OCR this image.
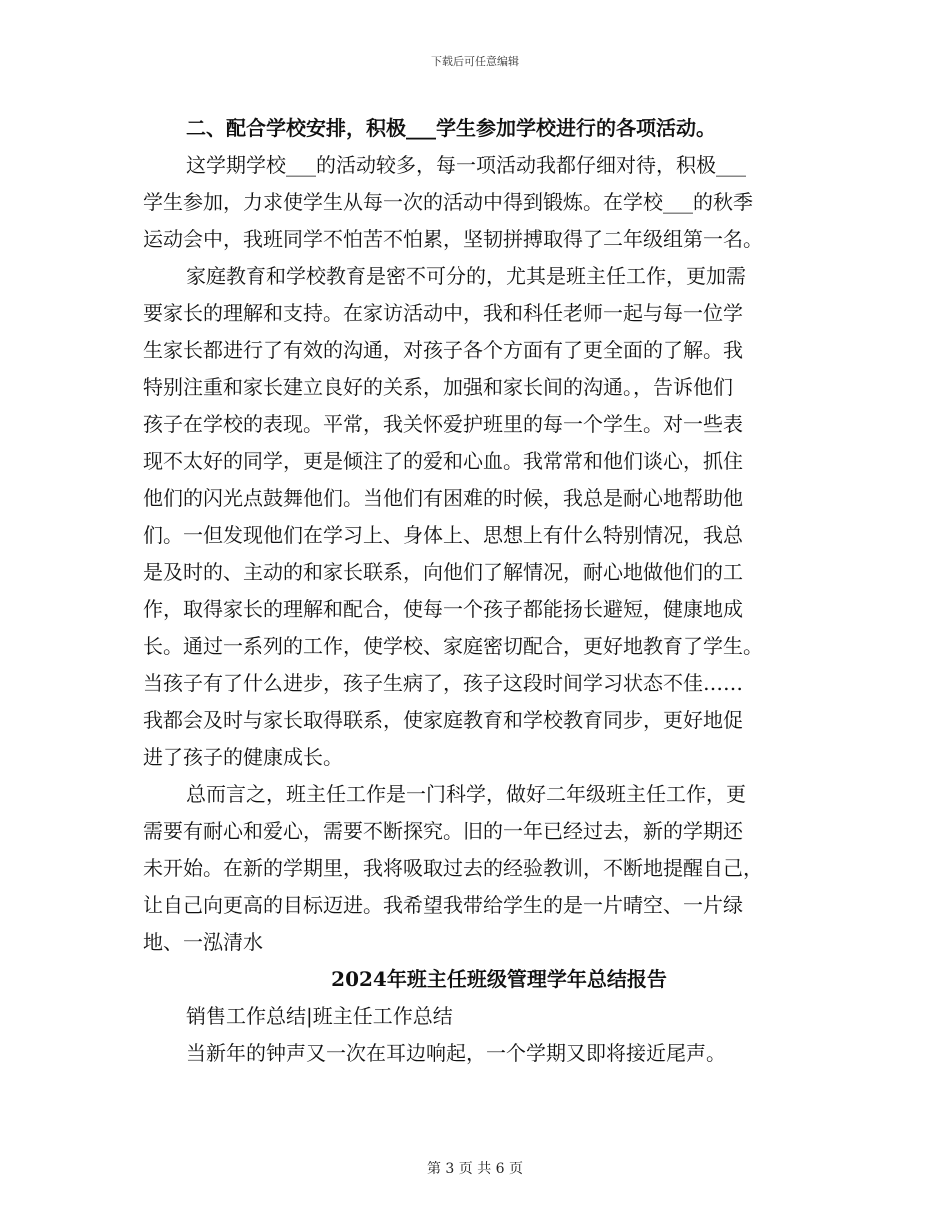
下载后可任意编辑
二、配合学校安排，积极___学生参加学校进行的各项活动。
这学期学校___的活动较多，每一项活动我都仔细对待，积极___
学生参加，力求使学生从每一次的活动中得到锻炼。在学校___的秋季
运动会中，我班同学不怕苦不怕累，坚韧拼搏取得了二年级组第一名。
家庭教育和学校教育是密不可分的，尤其是班主任工作，更加需
要家长的理解和支持。在家访活动中，我和科任老师一起与每一位学
生家长都进行了有效的沟通，对孩子各个方面有了更全面的了解。我
特别注重和家长建立良好的关系，加强和家长间的沟通。，告诉他们
孩子在学校的表现。平常，我关怀爱护班里的每一个学生。对一些表
现不太好的同学，更是倾注了的爱和心血。我常常和他们谈心，抓住
他们的闪光点鼓舞他们。当他们有困难的时候，我总是耐心地帮助他
们。一但发现他们在学习上、身体上、思想上有什么特别情况，我总
是及时的、主动的和家长联系，向他们了解情况，耐心地做他们的工
作，取得家长的理解和配合，使每一个孩子都能扬长避短，健康地成
长。通过一系列的工作，使学校、家庭密切配合，更好地教育了学生。
当孩子有了什么进步，孩子生病了，孩子这段时间学习状态不佳……
我都会及时与家长取得联系，使家庭教育和学校教育同步，更好地促
进了孩子的健康成长。
总而言之，班主任工作是一门科学，做好二年级班主任工作，更
需要有耐心和爱心，需要不断探究。旧的一年已经过去，新的学期还
未开始。在新的学期里，我将吸取过去的经验教训，不断地提醒自己，
让自己向更高的目标迈进。我希望我带给学生的是一片晴空、一片绿
地、一泓清水
2024年班主任班级管理学年总结报告
销售工作总结|班主任工作总结
当新年的钟声又一次在耳边响起，一个学期又即将接近尾声。
第 3 页 共 6 页
